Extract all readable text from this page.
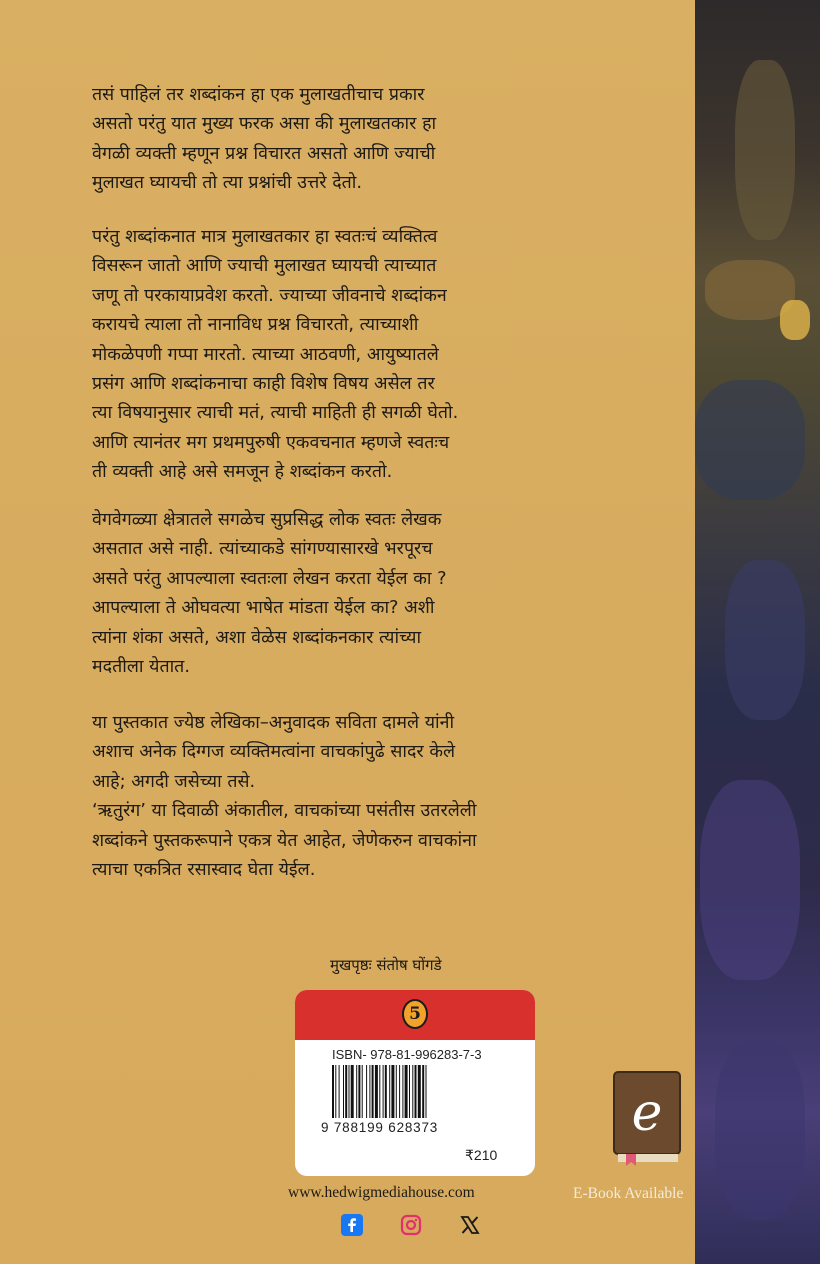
तसं पाहिलं तर शब्दांकन हा एक मुलाखतीचाच प्रकार

असतो परंतु यात मुख्य फरक असा की मुलाखतकार हा

वेगळी व्यक्ती म्हणून प्रश्न विचारत असतो आणि ज्याची

मुलाखत घ्यायची तो त्या प्रश्नांची उत्तरे देतो.

परंतु शब्दांकनात मात्र मुलाखतकार हा स्वतःचं व्यक्तित्व

विसरून जातो आणि ज्याची मुलाखत घ्यायची त्याच्यात

जणू तो परकायाप्रवेश करतो. ज्याच्या जीवनाचे शब्दांकन

करायचे त्याला तो नानाविध प्रश्न विचारतो, त्याच्याशी

मोकळेपणी गप्पा मारतो. त्याच्या आठवणी, आयुष्यातले

प्रसंग आणि शब्दांकनाचा काही विशेष विषय असेल तर

त्या विषयानुसार त्याची मतं, त्याची माहिती ही सगळी घेतो.

आणि त्यानंतर मग प्रथमपुरुषी एकवचनात म्हणजे स्वतःच

ती व्यक्ती आहे असे समजून हे शब्दांकन करतो.

वेगवेगळ्या क्षेत्रातले सगळेच सुप्रसिद्ध लोक स्वतः लेखक

असतात असे नाही. त्यांच्याकडे सांगण्यासारखे भरपूरच

असते परंतु आपल्याला स्वतःला लेखन करता येईल का ?

आपल्याला ते ओघवत्या भाषेत मांडता येईल का? अशी

त्यांना शंका असते, अशा वेळेस शब्दांकनकार त्यांच्या

मदतीला येतात.

या पुस्तकात ज्येष्ठ लेखिका–अनुवादक सविता दामले यांनी

अशाच अनेक दिग्गज व्यक्तिमत्वांना वाचकांपुढे सादर केले

आहे; अगदी जसेच्या तसे.

‘ऋतुरंग’ या दिवाळी अंकातील, वाचकांच्या पसंतीस उतरलेली

शब्दांकने पुस्तकरूपाने एकत्र येत आहेत, जेणेकरुन वाचकांना

त्याचा एकत्रित रसास्वाद घेता येईल.

मुखपृष्ठः संतोष घोंगडे
5
ISBN- 978-81-996283-7-3
9 788199 628373
₹210
e
E-Book Available
www.hedwigmediahouse.com
